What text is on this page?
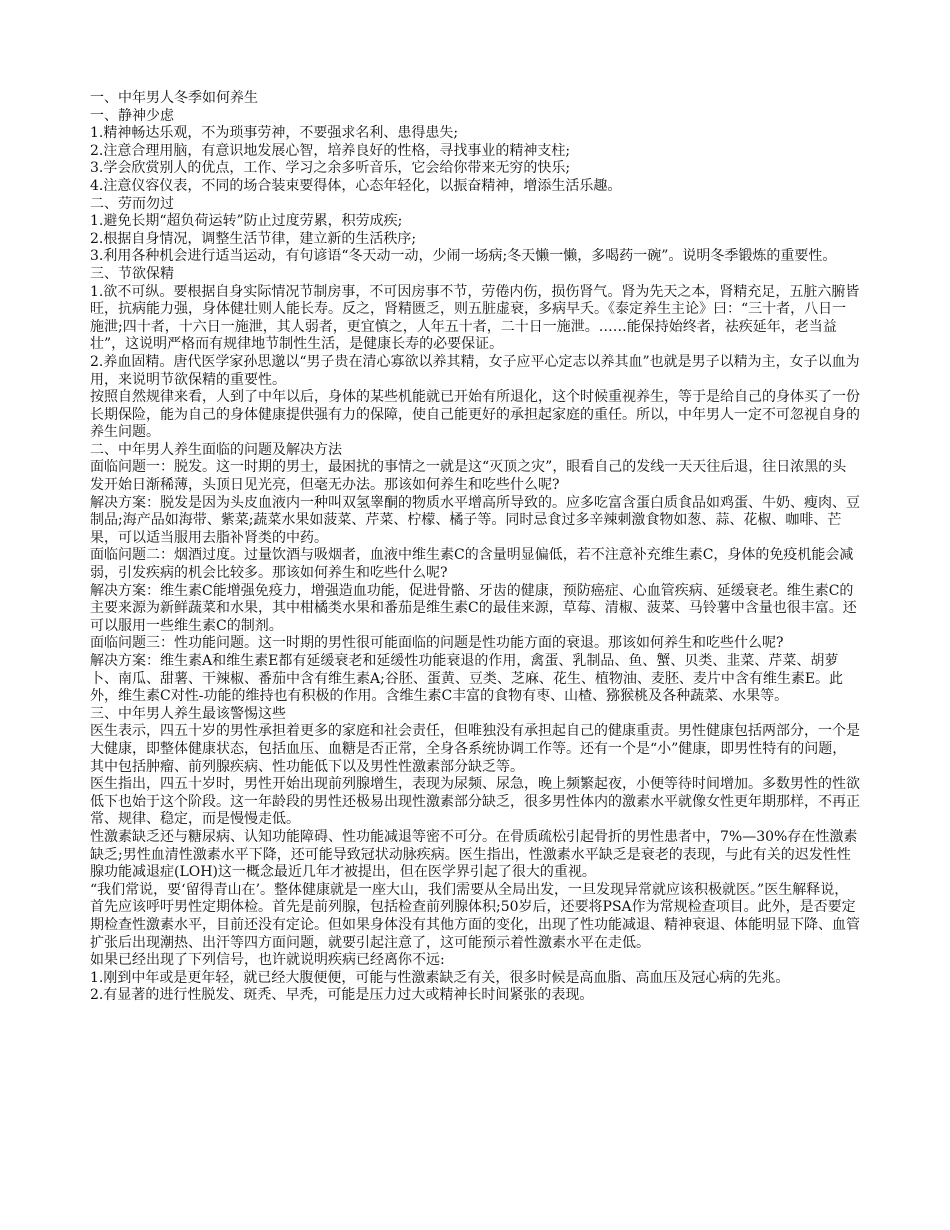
一、中年男人冬季如何养生

一、静神少虑

1.精神畅达乐观，不为琐事劳神，不要强求名利、患得患失;

2.注意合理用脑，有意识地发展心智，培养良好的性格，寻找事业的精神支柱;

3.学会欣赏别人的优点，工作、学习之余多听音乐，它会给你带来无穷的快乐;

4.注意仪容仪表，不同的场合装束要得体，心态年轻化，以振奋精神，增添生活乐趣。

二、劳而勿过

1.避免长期“超负荷运转”防止过度劳累，积劳成疾;

2.根据自身情况，调整生活节律，建立新的生活秩序;

3.利用各种机会进行适当运动，有句谚语“冬天动一动，少闹一场病;冬天懒一懒，多喝药一碗”。说明冬季锻炼的重要性。

三、节欲保精

1.欲不可纵。要根据自身实际情况节制房事，不可因房事不节，劳倦内伤，损伤肾气。肾为先天之本，肾精充足，五脏六腑皆旺，抗病能力强，身体健壮则人能长寿。反之，肾精匮乏，则五脏虚衰，多病早夭。《泰定养生主论》曰：“三十者，八日一施泄;四十者，十六日一施泄，其人弱者，更宜慎之，人年五十者，二十日一施泄。……能保持始终者，祛疾延年，老当益壮”，这说明严格而有规律地节制性生活，是健康长寿的必要保证。

2.养血固精。唐代医学家孙思邈以“男子贵在清心寡欲以养其精，女子应平心定志以养其血”也就是男子以精为主，女子以血为用，来说明节欲保精的重要性。

按照自然规律来看，人到了中年以后，身体的某些机能就已开始有所退化，这个时候重视养生，等于是给自己的身体买了一份长期保险，能为自己的身体健康提供强有力的保障，使自己能更好的承担起家庭的重任。所以，中年男人一定不可忽视自身的养生问题。

二、中年男人养生面临的问题及解决方法

面临问题一：脱发。这一时期的男士，最困扰的事情之一就是这“灭顶之灾”，眼看自己的发线一天天往后退，往日浓黑的头发开始日渐稀薄，头顶日见光亮，但毫无办法。那该如何养生和吃些什么呢?

解决方案：脱发是因为头皮血液内一种叫双氢睾酮的物质水平增高所导致的。应多吃富含蛋白质食品如鸡蛋、牛奶、瘦肉、豆制品;海产品如海带、紫菜;蔬菜水果如菠菜、芹菜、柠檬、橘子等。同时忌食过多辛辣刺激食物如葱、蒜、花椒、咖啡、芒果，可以适当服用去脂补肾类的中药。

面临问题二：烟酒过度。过量饮酒与吸烟者，血液中维生素C的含量明显偏低，若不注意补充维生素C，身体的免疫机能会减弱，引发疾病的机会比较多。那该如何养生和吃些什么呢?

解决方案：维生素C能增强免疫力，增强造血功能，促进骨骼、牙齿的健康，预防癌症、心血管疾病、延缓衰老。维生素C的主要来源为新鲜蔬菜和水果，其中柑橘类水果和番茄是维生素C的最佳来源，草莓、清椒、菠菜、马铃薯中含量也很丰富。还可以服用一些维生素C的制剂。

面临问题三：性功能问题。这一时期的男性很可能面临的问题是性功能方面的衰退。那该如何养生和吃些什么呢?

解决方案：维生素A和维生素E都有延缓衰老和延缓性功能衰退的作用，禽蛋、乳制品、鱼、蟹、贝类、韭菜、芹菜、胡萝卜、南瓜、甜薯、干辣椒、番茄中含有维生素A;谷胚、蛋黄、豆类、芝麻、花生、植物油、麦胚、麦片中含有维生素E。此外，维生素C对性-功能的维持也有积极的作用。含维生素C丰富的食物有枣、山楂、猕猴桃及各种蔬菜、水果等。

三、中年男人养生最该警惕这些

医生表示，四五十岁的男性承担着更多的家庭和社会责任，但唯独没有承担起自己的健康重责。男性健康包括两部分，一个是大健康，即整体健康状态，包括血压、血糖是否正常，全身各系统协调工作等。还有一个是“小”健康，即男性特有的问题，其中包括肿瘤、前列腺疾病、性功能低下以及男性性激素部分缺乏等。

医生指出，四五十岁时，男性开始出现前列腺增生，表现为尿频、尿急，晚上频繁起夜，小便等待时间增加。多数男性的性欲低下也始于这个阶段。这一年龄段的男性还极易出现性激素部分缺乏，很多男性体内的激素水平就像女性更年期那样，不再正常、规律、稳定，而是慢慢走低。

性激素缺乏还与糖尿病、认知功能障碍、性功能减退等密不可分。在骨质疏松引起骨折的男性患者中，7%—30%存在性激素缺乏;男性血清性激素水平下降，还可能导致冠状动脉疾病。医生指出，性激素水平缺乏是衰老的表现，与此有关的迟发性性腺功能减退症(LOH)这一概念最近几年才被提出，但在医学界引起了很大的重视。

“我们常说，要‘留得青山在’。整体健康就是一座大山，我们需要从全局出发，一旦发现异常就应该积极就医。”医生解释说，首先应该呼吁男性定期体检。首先是前列腺，包括检查前列腺体积;50岁后，还要将PSA作为常规检查项目。此外，是否要定期检查性激素水平，目前还没有定论。但如果身体没有其他方面的变化，出现了性功能减退、精神衰退、体能明显下降、血管扩张后出现潮热、出汗等四方面问题，就要引起注意了，这可能预示着性激素水平在走低。

如果已经出现了下列信号，也许就说明疾病已经离你不远:

1.刚到中年或是更年轻，就已经大腹便便，可能与性激素缺乏有关，很多时候是高血脂、高血压及冠心病的先兆。

2.有显著的进行性脱发、斑秃、早秃，可能是压力过大或精神长时间紧张的表现。
